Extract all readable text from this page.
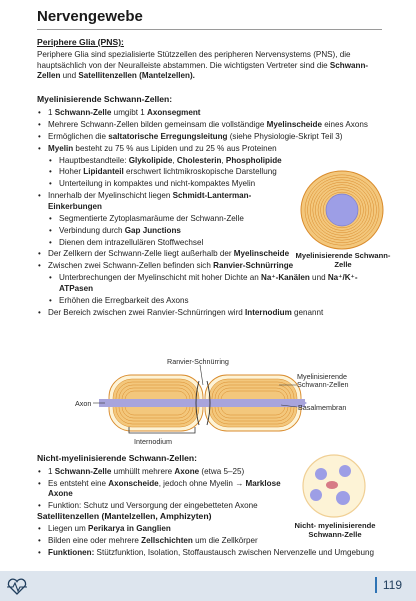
Nervengewebe
Periphere Glia (PNS):

Periphere Glia sind spezialisierte Stützzellen des peripheren Nervensystems (PNS), die hauptsächlich von der Neuralleiste abstammen. Die wichtigsten Vertreter sind die Schwann-Zellen und Satellitenzellen (Mantelzellen).

Myelinisierende Schwann-Zellen:
• 1 Schwann-Zelle umgibt 1 Axonsegment
• Mehrere Schwann-Zellen bilden gemeinsam die vollständige Myelinscheide eines Axons
• Ermöglichen die saltatorische Erregungsleitung (siehe Physiologie-Skript Teil 3)
• Myelin besteht zu 75 % aus Lipiden und zu 25 % aus Proteinen
• Hauptbestandteile: Glykolipide, Cholesterin, Phospholipide
• Hoher Lipidanteil erschwert lichtmikroskopische Darstellung
• Unterteilung in kompaktes und nicht-kompaktes Myelin
• Innerhalb der Myelinschicht liegen Schmidt-Lanterman-Einkerbungen
• Segmentierte Zytoplasmaräume der Schwann-Zelle
• Verbindung durch Gap Junctions
• Dienen dem intrazellulären Stoffwechsel
• Der Zellkern der Schwann-Zelle liegt außerhalb der Myelinscheide
• Zwischen zwei Schwann-Zellen befinden sich Ranvier-Schnürringe
• Unterbrechungen der Myelinschicht mit hoher Dichte an Na⁺-Kanälen und Na⁺/K⁺-ATPasen
• Erhöhen die Erregbarkeit des Axons
• Der Bereich zwischen zwei Ranvier-Schnürringen wird Internodium genannt
Myelinisierende Schwann-Zelle
Ranvier-Schnürring
Axon
Myelinisierende
Schwann-Zellen
Basalmembran
Internodium
Nicht-myelinisierende Schwann-Zellen:
• 1 Schwann-Zelle umhüllt mehrere Axone (etwa 5–25)
• Es entsteht eine Axonscheide, jedoch ohne Myelin → Marklose Axone
• Funktion: Schutz und Versorgung der eingebetteten Axone
Nicht- myelinisierende Schwann-Zelle
Satellitenzellen (Mantelzellen, Amphizyten)
• Liegen um Perikarya in Ganglien
• Bilden eine oder mehrere Zellschichten um die Zellkörper
• Funktionen: Stützfunktion, Isolation, Stoffaustausch zwischen Nervenzelle und Umgebung
119
